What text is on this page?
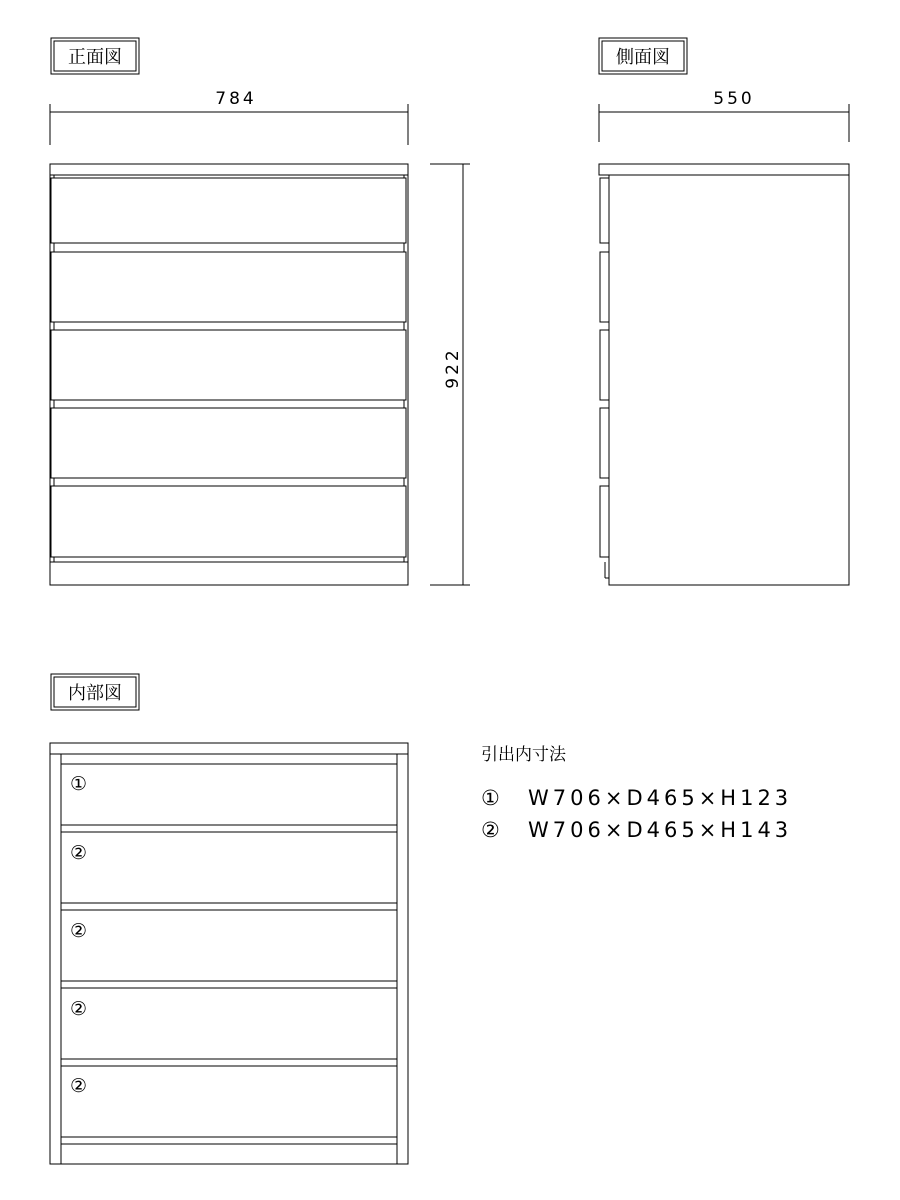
正面図
784
922
側面図
550
内部図
①
②
②
②
②
引出内寸法
① W706×D465×H123
② W706×D465×H143
